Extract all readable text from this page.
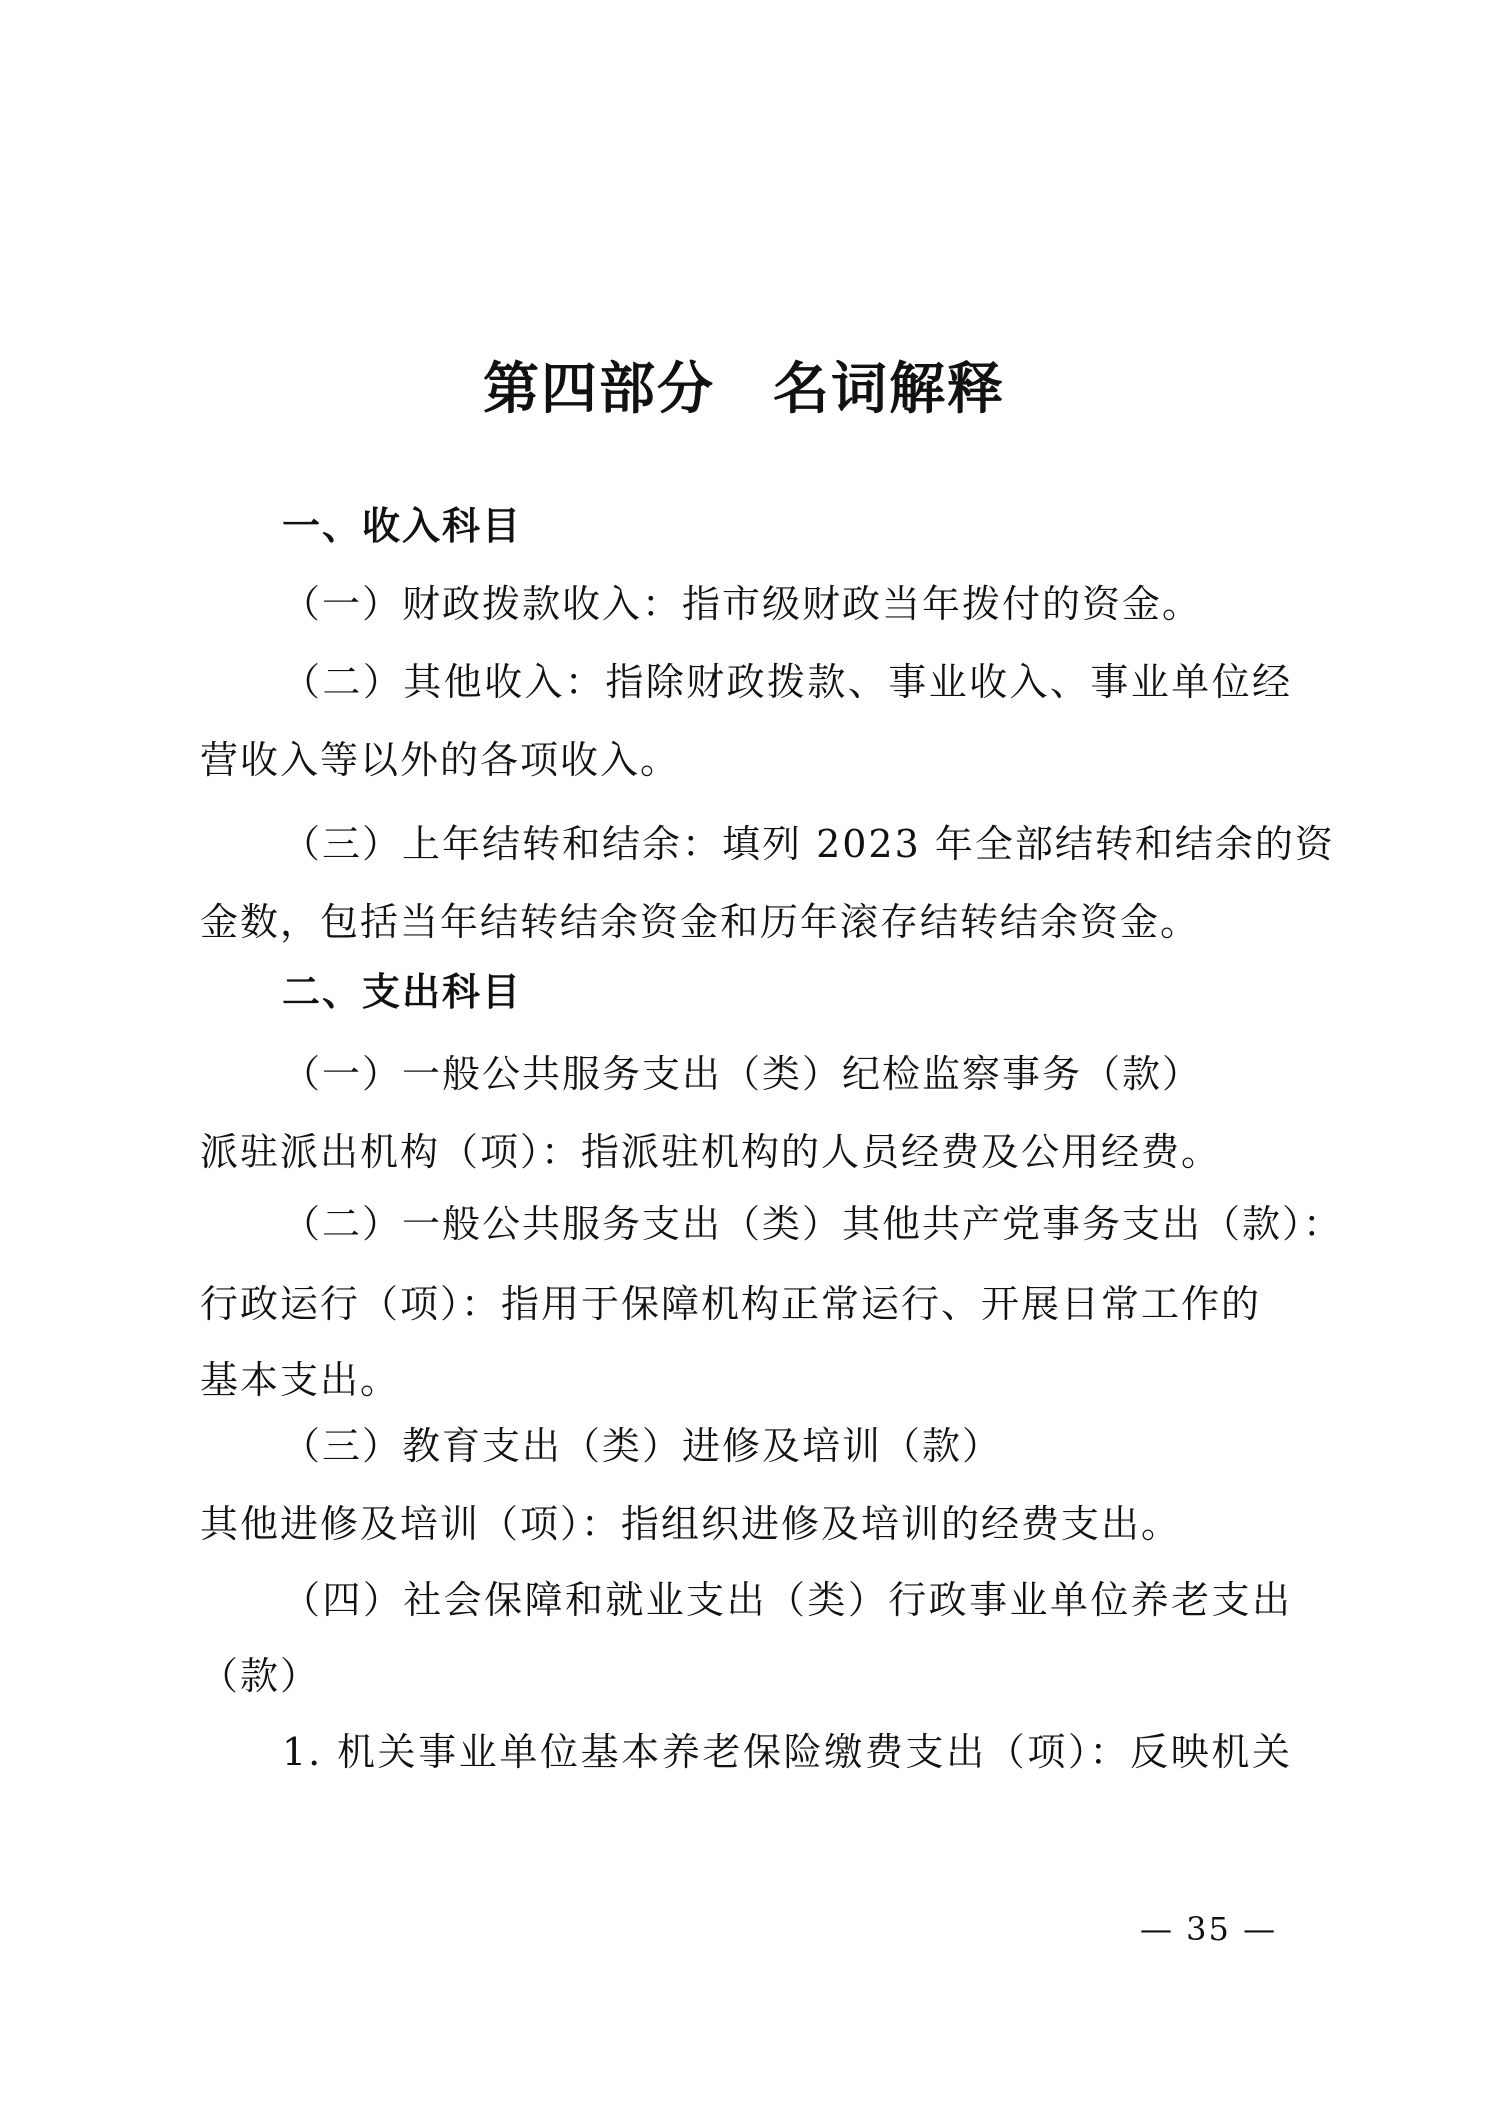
第四部分　名词解释
一、收入科目
（一）财政拨款收入：指市级财政当年拨付的资金。
（二）其他收入：指除财政拨款、事业收入、事业单位经
营收入等以外的各项收入。
（三）上年结转和结余：填列 2023 年全部结转和结余的资
金数，包括当年结转结余资金和历年滚存结转结余资金。
二、支出科目
（一）一般公共服务支出（类）纪检监察事务（款）
派驻派出机构（项）：指派驻机构的人员经费及公用经费。
（二）一般公共服务支出（类）其他共产党事务支出（款）：
行政运行（项）：指用于保障机构正常运行、开展日常工作的
基本支出。
（三）教育支出（类）进修及培训（款）
其他进修及培训（项）：指组织进修及培训的经费支出。
（四）社会保障和就业支出（类）行政事业单位养老支出
（款）
1. 机关事业单位基本养老保险缴费支出（项）：反映机关
— 35 —
